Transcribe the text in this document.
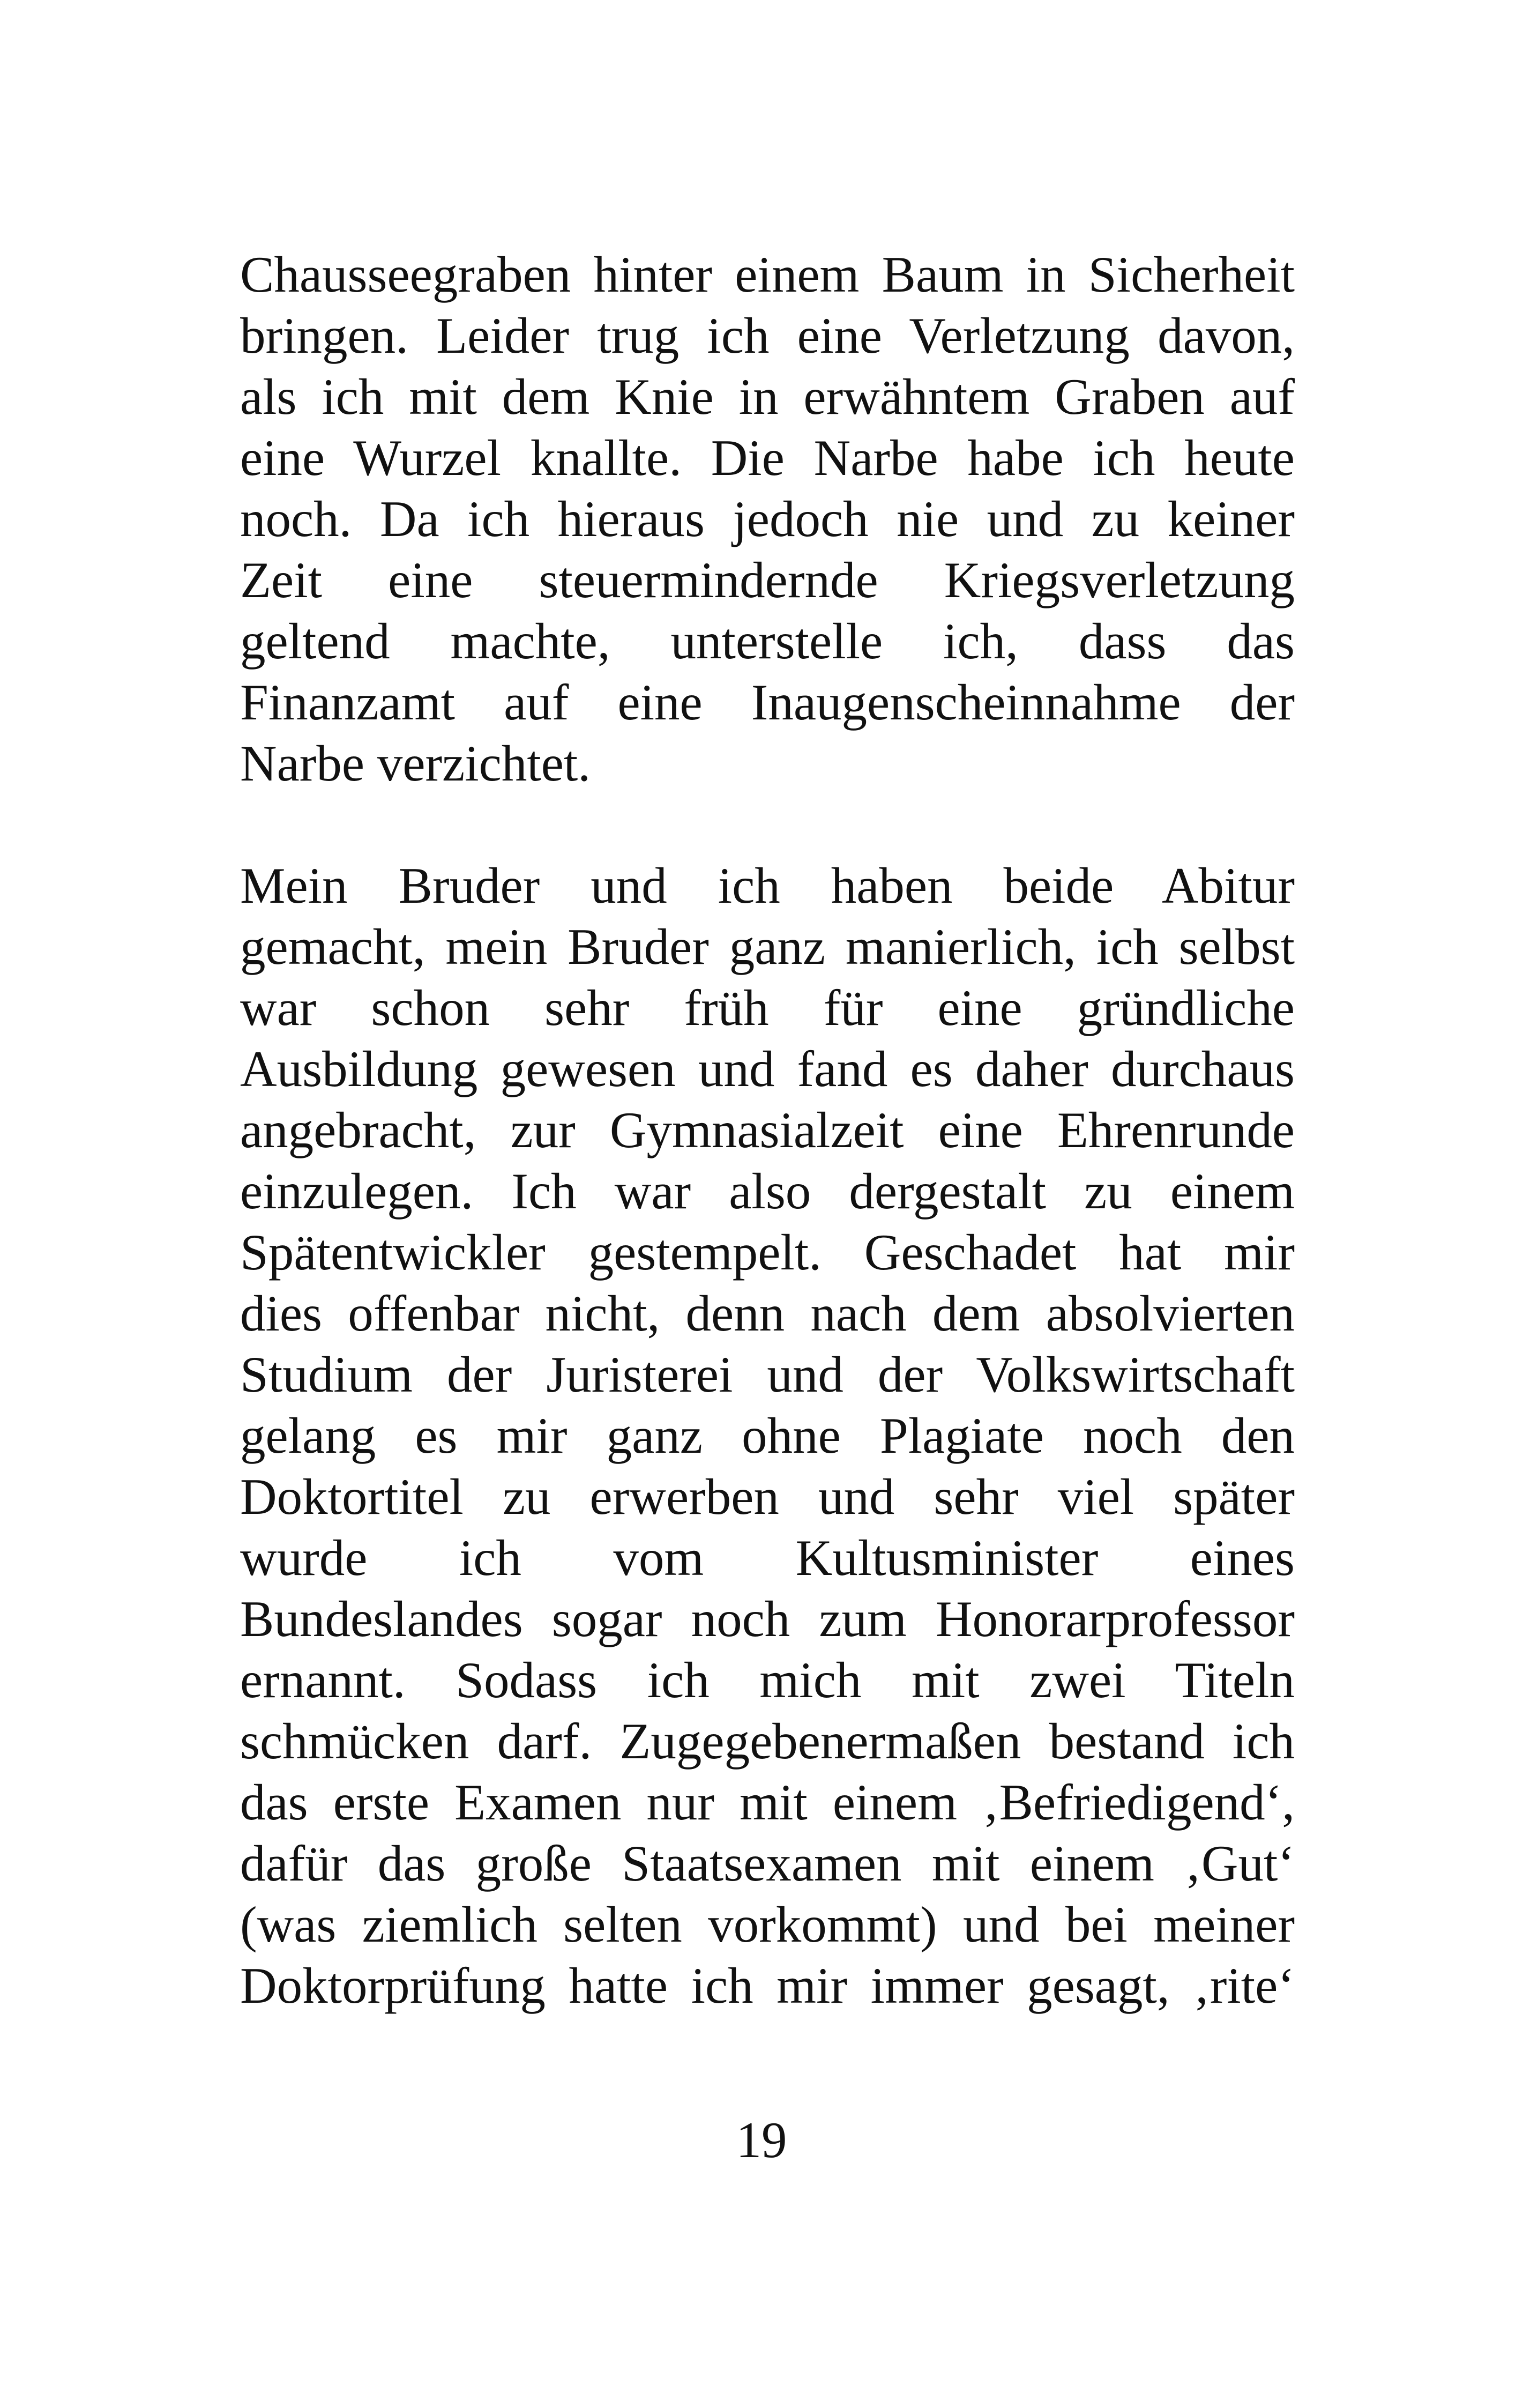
Chausseegraben hinter einem Baum in Sicherheit
bringen. Leider trug ich eine Verletzung davon,
als ich mit dem Knie in erwähntem Graben auf
eine Wurzel knallte. Die Narbe habe ich heute
noch. Da ich hieraus jedoch nie und zu keiner
Zeit eine steuermindernde Kriegsverletzung
geltend machte, unterstelle ich, dass das
Finanzamt auf eine Inaugenscheinnahme der
Narbe verzichtet.
Mein Bruder und ich haben beide Abitur
gemacht, mein Bruder ganz manierlich, ich selbst
war schon sehr früh für eine gründliche
Ausbildung gewesen und fand es daher durchaus
angebracht, zur Gymnasialzeit eine Ehrenrunde
einzulegen. Ich war also dergestalt zu einem
Spätentwickler gestempelt. Geschadet hat mir
dies offenbar nicht, denn nach dem absolvierten
Studium der Juristerei und der Volkswirtschaft
gelang es mir ganz ohne Plagiate noch den
Doktortitel zu erwerben und sehr viel später
wurde ich vom Kultusminister eines
Bundeslandes sogar noch zum Honorarprofessor
ernannt. Sodass ich mich mit zwei Titeln
schmücken darf. Zugegebenermaßen bestand ich
das erste Examen nur mit einem ‚Befriedigend‘,
dafür das große Staatsexamen mit einem ‚Gut‘
(was ziemlich selten vorkommt) und bei meiner
Doktorprüfung hatte ich mir immer gesagt, ‚rite‘
19
